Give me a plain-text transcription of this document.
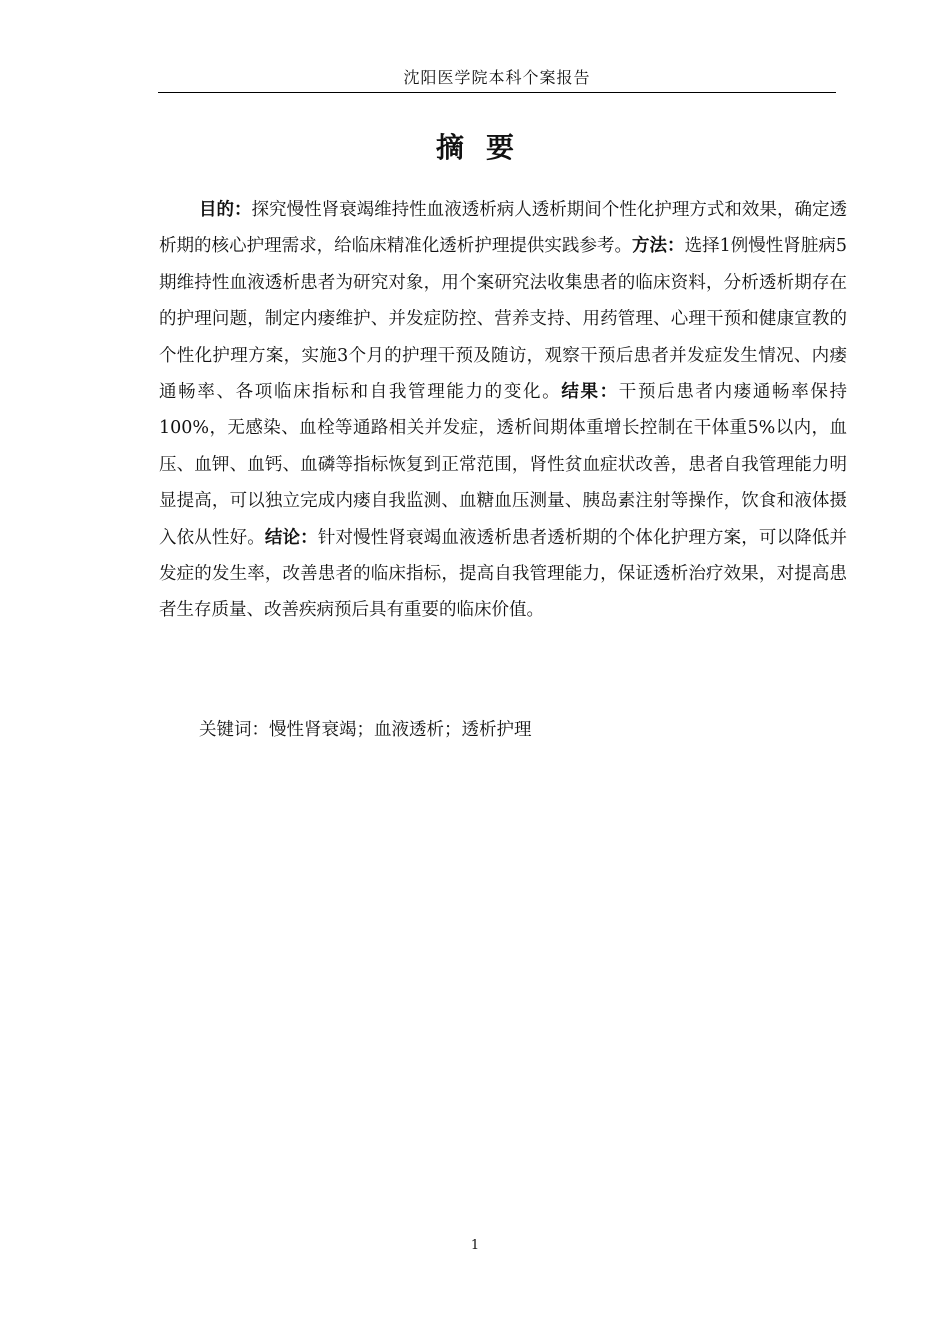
沈阳医学院本科个案报告
摘要

目的：探究慢性肾衰竭维持性血液透析病人透析期间个性化护理方式和效果，确定透析期的核心护理需求，给临床精准化透析护理提供实践参考。方法：选择1例慢性肾脏病5期维持性血液透析患者为研究对象，用个案研究法收集患者的临床资料，分析透析期存在的护理问题，制定内瘘维护、并发症防控、营养支持、用药管理、心理干预和健康宣教的个性化护理方案，实施3个月的护理干预及随访，观察干预后患者并发症发生情况、内瘘通畅率、各项临床指标和自我管理能力的变化。结果：干预后患者内瘘通畅率保持100%，无感染、血栓等通路相关并发症，透析间期体重增长控制在干体重5%以内，血压、血钾、血钙、血磷等指标恢复到正常范围，肾性贫血症状改善，患者自我管理能力明显提高，可以独立完成内瘘自我监测、血糖血压测量、胰岛素注射等操作，饮食和液体摄入依从性好。结论：针对慢性肾衰竭血液透析患者透析期的个体化护理方案，可以降低并发症的发生率，改善患者的临床指标，提高自我管理能力，保证透析治疗效果，对提高患者生存质量、改善疾病预后具有重要的临床价值。

关键词：慢性肾衰竭；血液透析；透析护理

1
